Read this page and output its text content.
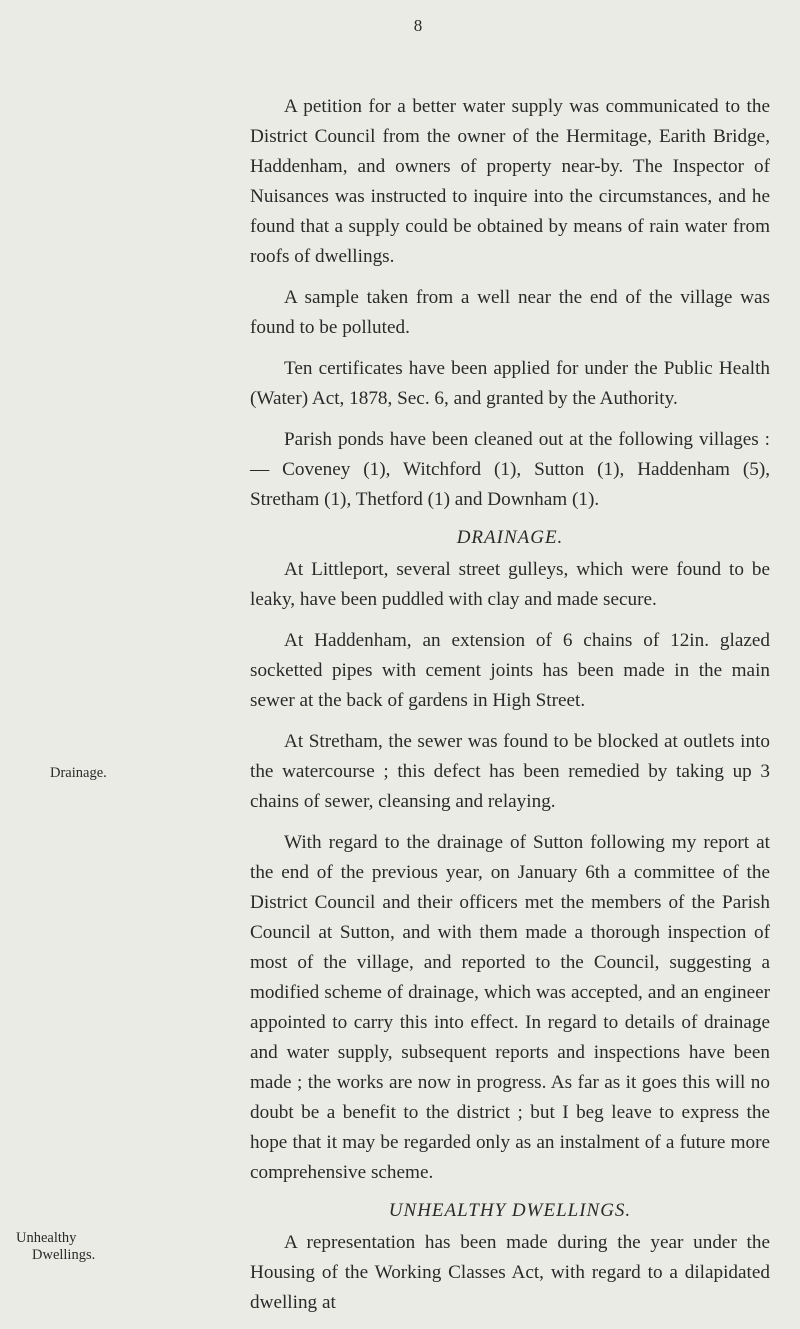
8
Drainage.
Unhealthy
Dwellings.

A petition for a better water supply was communicated to the District Council from the owner of the Hermitage, Earith Bridge, Haddenham, and owners of property near-by. The Inspector of Nuisances was instructed to inquire into the circumstances, and he found that a supply could be obtained by means of rain water from roofs of dwellings.

A sample taken from a well near the end of the village was found to be polluted.

Ten certificates have been applied for under the Public Health (Water) Act, 1878, Sec. 6, and granted by the Authority.

Parish ponds have been cleaned out at the following villages :— Coveney (1), Witchford (1), Sutton (1), Haddenham (5), Stretham (1), Thetford (1) and Downham (1).

DRAINAGE.

At Littleport, several street gulleys, which were found to be leaky, have been puddled with clay and made secure.

At Haddenham, an extension of 6 chains of 12in. glazed socketted pipes with cement joints has been made in the main sewer at the back of gardens in High Street.

At Stretham, the sewer was found to be blocked at outlets into the watercourse ; this defect has been remedied by taking up 3 chains of sewer, cleansing and relaying.

With regard to the drainage of Sutton following my report at the end of the previous year, on January 6th a committee of the District Council and their officers met the members of the Parish Council at Sutton, and with them made a thorough inspection of most of the village, and reported to the Council, suggesting a modified scheme of drainage, which was accepted, and an engineer appointed to carry this into effect. In regard to details of drainage and water supply, subsequent reports and inspections have been made ; the works are now in progress. As far as it goes this will no doubt be a benefit to the district ; but I beg leave to express the hope that it may be regarded only as an instalment of a future more comprehensive scheme.

UNHEALTHY DWELLINGS.

A representation has been made during the year under the Housing of the Working Classes Act, with regard to a dilapidated dwelling at
